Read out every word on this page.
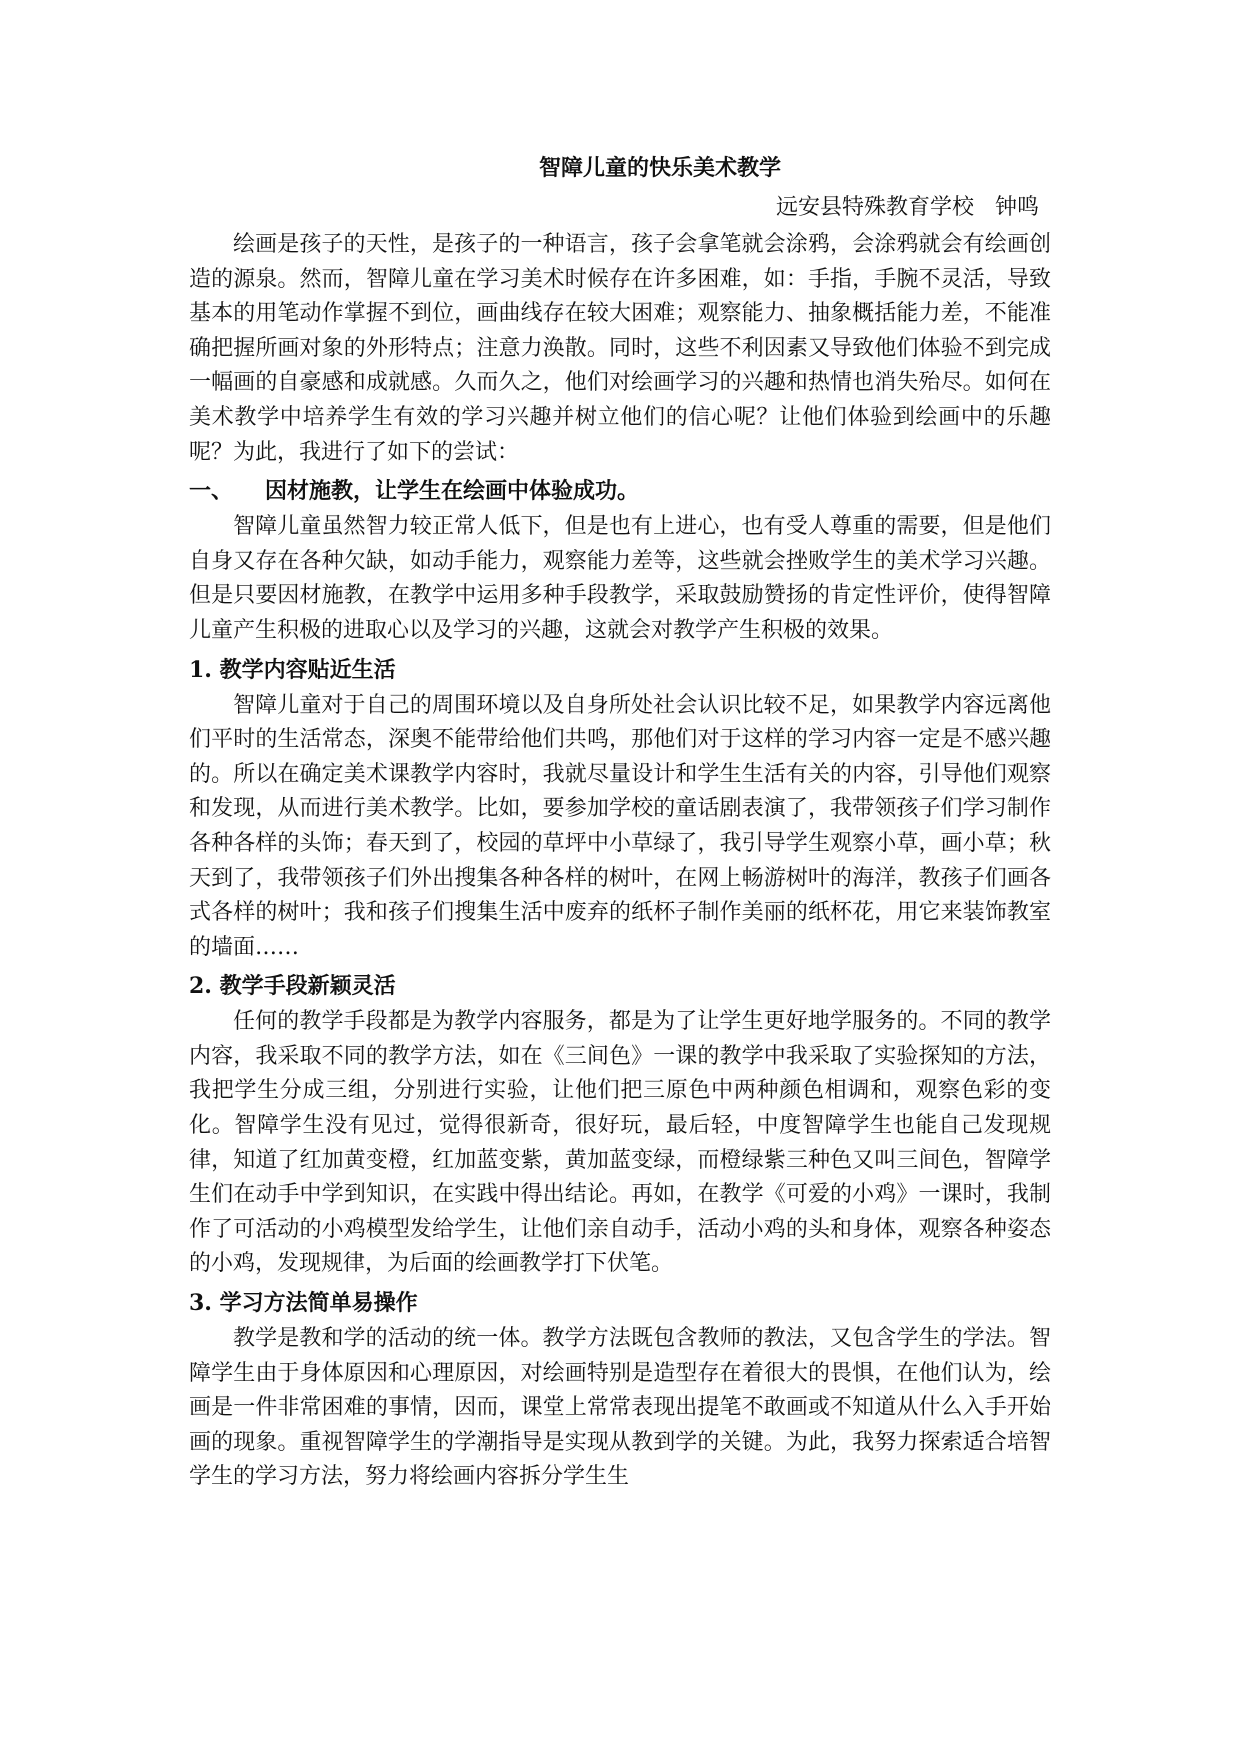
智障儿童的快乐美术教学
远安县特殊教育学校 钟鸣

绘画是孩子的天性，是孩子的一种语言，孩子会拿笔就会涂鸦，会涂鸦就会有绘画创造的源泉。然而，智障儿童在学习美术时候存在许多困难，如：手指，手腕不灵活，导致基本的用笔动作掌握不到位，画曲线存在较大困难；观察能力、抽象概括能力差，不能准确把握所画对象的外形特点；注意力涣散。同时，这些不利因素又导致他们体验不到完成一幅画的自豪感和成就感。久而久之，他们对绘画学习的兴趣和热情也消失殆尽。如何在美术教学中培养学生有效的学习兴趣并树立他们的信心呢？让他们体验到绘画中的乐趣呢？为此，我进行了如下的尝试：

一、 因材施教，让学生在绘画中体验成功。

智障儿童虽然智力较正常人低下，但是也有上进心，也有受人尊重的需要，但是他们自身又存在各种欠缺，如动手能力，观察能力差等，这些就会挫败学生的美术学习兴趣。但是只要因材施教，在教学中运用多种手段教学，采取鼓励赞扬的肯定性评价，使得智障儿童产生积极的进取心以及学习的兴趣，这就会对教学产生积极的效果。

1. 教学内容贴近生活

智障儿童对于自己的周围环境以及自身所处社会认识比较不足，如果教学内容远离他们平时的生活常态，深奥不能带给他们共鸣，那他们对于这样的学习内容一定是不感兴趣的。所以在确定美术课教学内容时，我就尽量设计和学生生活有关的内容，引导他们观察和发现，从而进行美术教学。比如，要参加学校的童话剧表演了，我带领孩子们学习制作各种各样的头饰；春天到了，校园的草坪中小草绿了，我引导学生观察小草，画小草；秋天到了，我带领孩子们外出搜集各种各样的树叶，在网上畅游树叶的海洋，教孩子们画各式各样的树叶；我和孩子们搜集生活中废弃的纸杯子制作美丽的纸杯花，用它来装饰教室的墙面……

2. 教学手段新颖灵活

任何的教学手段都是为教学内容服务，都是为了让学生更好地学服务的。不同的教学内容，我采取不同的教学方法，如在《三间色》一课的教学中我采取了实验探知的方法，我把学生分成三组，分别进行实验，让他们把三原色中两种颜色相调和，观察色彩的变化。智障学生没有见过，觉得很新奇，很好玩，最后轻，中度智障学生也能自己发现规律，知道了红加黄变橙，红加蓝变紫，黄加蓝变绿，而橙绿紫三种色又叫三间色，智障学生们在动手中学到知识，在实践中得出结论。再如，在教学《可爱的小鸡》一课时，我制作了可活动的小鸡模型发给学生，让他们亲自动手，活动小鸡的头和身体，观察各种姿态的小鸡，发现规律，为后面的绘画教学打下伏笔。

3. 学习方法简单易操作

教学是教和学的活动的统一体。教学方法既包含教师的教法，又包含学生的学法。智障学生由于身体原因和心理原因，对绘画特别是造型存在着很大的畏惧，在他们认为，绘画是一件非常困难的事情，因而，课堂上常常表现出提笔不敢画或不知道从什么入手开始画的现象。重视智障学生的学潮指导是实现从教到学的关键。为此，我努力探索适合培智学生的学习方法，努力将绘画内容拆分学生生
